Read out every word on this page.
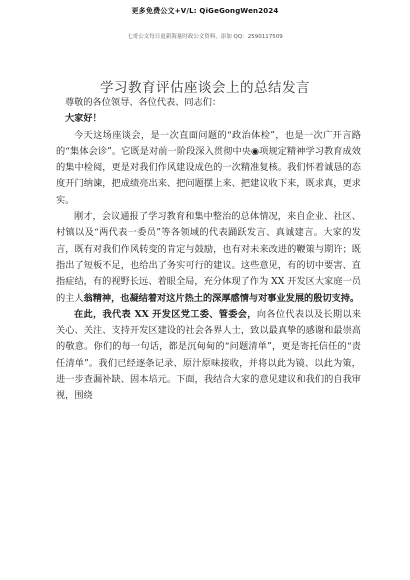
更多免费公文+V/L: QiGeGongWen2024
七哥公文每日更新海量时政公文资料，添加 QQ：2590117509
学习教育评估座谈会上的总结发言

尊敬的各位领导、各位代表、同志们：

大家好！

今天这场座谈会，是一次直面问题的“政治体检”，也是一次广开言路的“集体会诊”。它既是对前一阶段深入贯彻中央◉项规定精神学习教育成效的集中检阅，更是对我们作风建设成色的一次精准复核。我们怀着诚恳的态度开门纳谏，把成绩亮出来、把问题摆上来、把建议收下来，既求真，更求实。

刚才，会议通报了学习教育和集中整治的总体情况，来自企业、社区、村镇以及“两代表一委员”等各领域的代表踊跃发言、真诚建言。大家的发言，既有对我们作风转变的肯定与鼓励，也有对未来改进的鞭策与期许；既指出了短板不足，也给出了务实可行的建议。这些意见，有的切中要害、直指症结，有的视野长远、着眼全局，充分体现了作为 XX 开发区大家庭一员的主人翁精神，也凝结着对这片热土的深厚感情与对事业发展的殷切支持。

在此，我代表 XX 开发区党工委、管委会，向各位代表以及长期以来关心、关注、支持开发区建设的社会各界人士，致以最真挚的感谢和最崇高的敬意。你们的每一句话，都是沉甸甸的“问题清单”，更是寄托信任的“责任清单”。我们已经逐条记录、原汁原味接收，并将以此为镜、以此为策，进一步查漏补缺、固本培元。下面，我结合大家的意见建议和我们的自我审视，围绕
